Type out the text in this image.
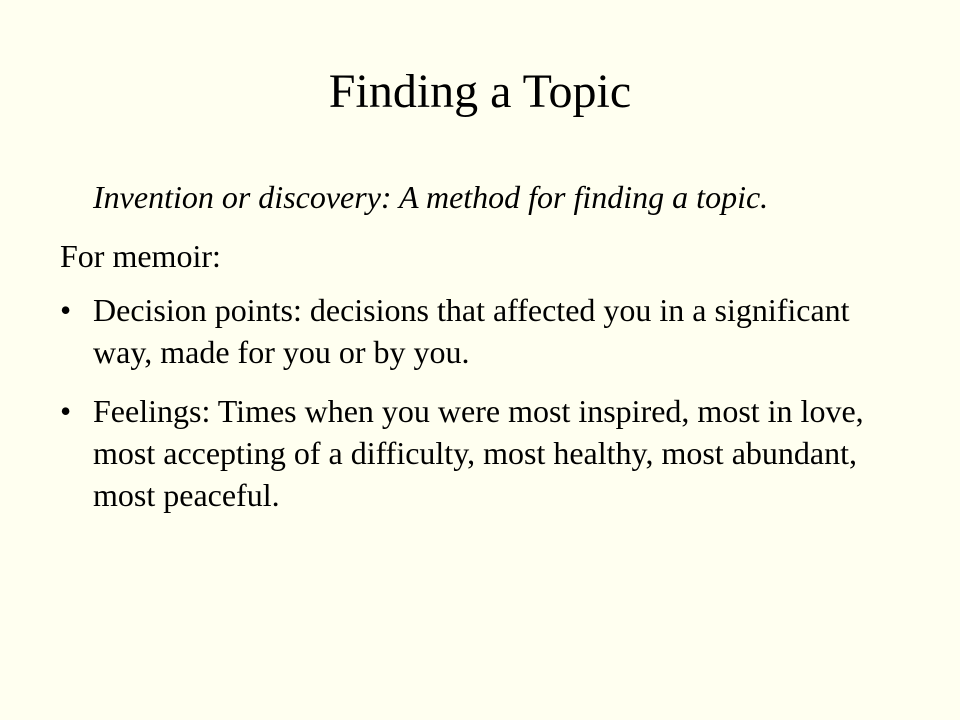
Finding a Topic

Invention or discovery: A method for finding a topic.

For memoir:

• Decision points: decisions that affected you in a significant way, made for you or by you.
• Feelings: Times when you were most inspired, most in love, most accepting of a difficulty, most healthy, most abundant, most peaceful.
